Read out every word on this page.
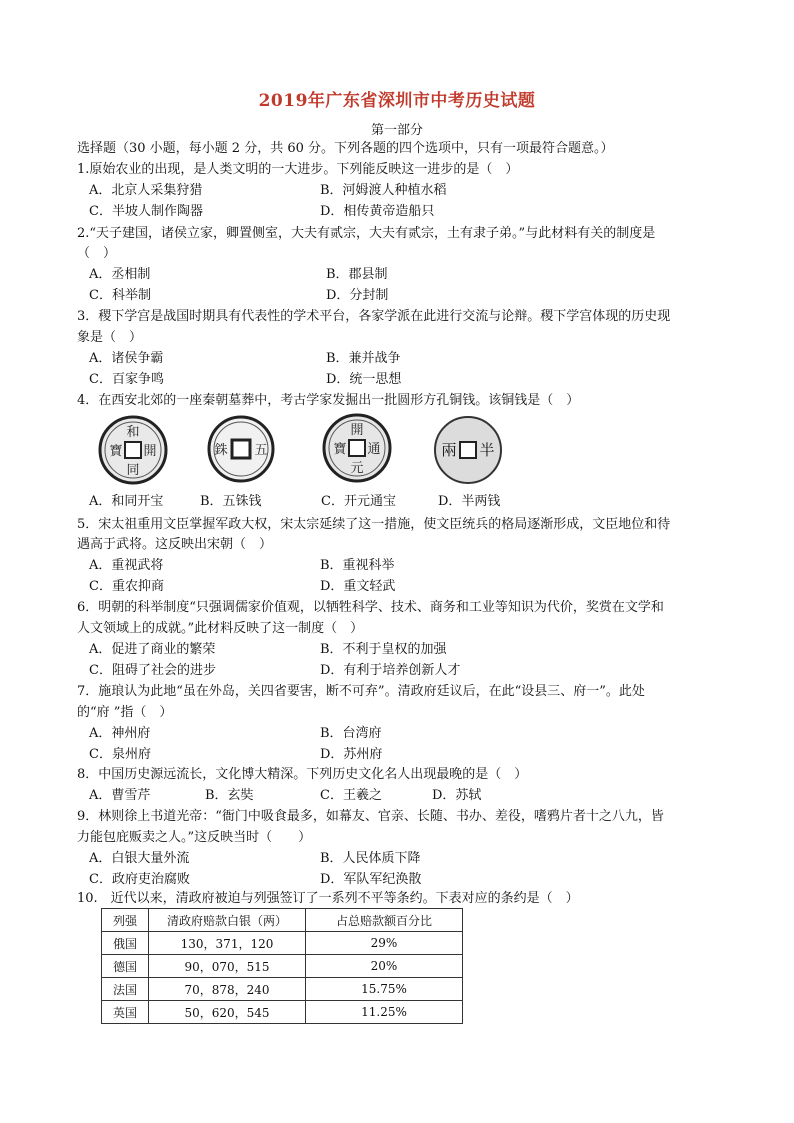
2019年广东省深圳市中考历史试题
第一部分
选择题（30 小题，每小题 2 分，共 60 分。下列各题的四个选项中，只有一项最符合题意。）
1.原始农业的出现，是人类文明的一大进步。下列能反映这一进步的是（　）
A．北京人采集狩猎	B．河姆渡人种植水稻
C．半坡人制作陶器	D．相传黄帝造船只
2.“天子建国，诸侯立家，卿置侧室，大夫有贰宗，大夫有贰宗，土有隶子弟。”与此材料有关的制度是
（　）
A．丞相制	B．郡县制
C．科举制	D．分封制
3．稷下学宫是战国时期具有代表性的学术平台，各家学派在此进行交流与论辩。稷下学宫体现的历史现
象是（　）
A．诸侯争霸	B．兼并战争
C．百家争鸣	D．统一思想
4．在西安北郊的一座秦朝墓葬中，考古学家发掘出一批圆形方孔铜钱。该铜钱是（　）
和
同
開
寶	五
銖
開
元
通
寶	半
兩
A．和同开宝	B．五铢钱	C．开元通宝	D．半两钱
5．宋太祖重用文臣掌握军政大权，宋太宗延续了这一措施，使文臣统兵的格局逐渐形成，文臣地位和待
遇高于武将。这反映出宋朝（　）
A．重视武将	B．重视科举
C．重农抑商	D．重文轻武
6．明朝的科举制度“只强调儒家价值观，以牺牲科学、技术、商务和工业等知识为代价，奖赏在文学和
人文领域上的成就。”此材料反映了这一制度（　）
A．促进了商业的繁荣	B．不利于皇权的加强
C．阻碍了社会的进步	D．有利于培养创新人才
7．施琅认为此地“虽在外岛，关四省要害，断不可弃”。清政府廷议后，在此“设县三、府一”。此处
的“府 ”指（　）
A．神州府	B．台湾府
C．泉州府	D．苏州府
8．中国历史源远流长，文化博大精深。下列历史文化名人出现最晚的是（　）
A．曹雪芹	B．玄奘	C．王羲之	D．苏轼
9．林则徐上书道光帝：“衙门中吸食最多，如幕友、官亲、长随、书办、差役，嗜鸦片者十之八九，皆
力能包庇贩卖之人。”这反映当时（　　）
A．白银大量外流	B．人民体质下降
C．政府吏治腐败	D．军队军纪涣散
10.　近代以来，清政府被迫与列强签订了一系列不平等条约。下表对应的条约是（　）
列强	清政府赔款白银（两）	占总赔款额百分比
俄国	130，371，120	29%
德国	90，070，515	20%
法国	70，878，240	15.75%
英国	50，620，545	11.25%
